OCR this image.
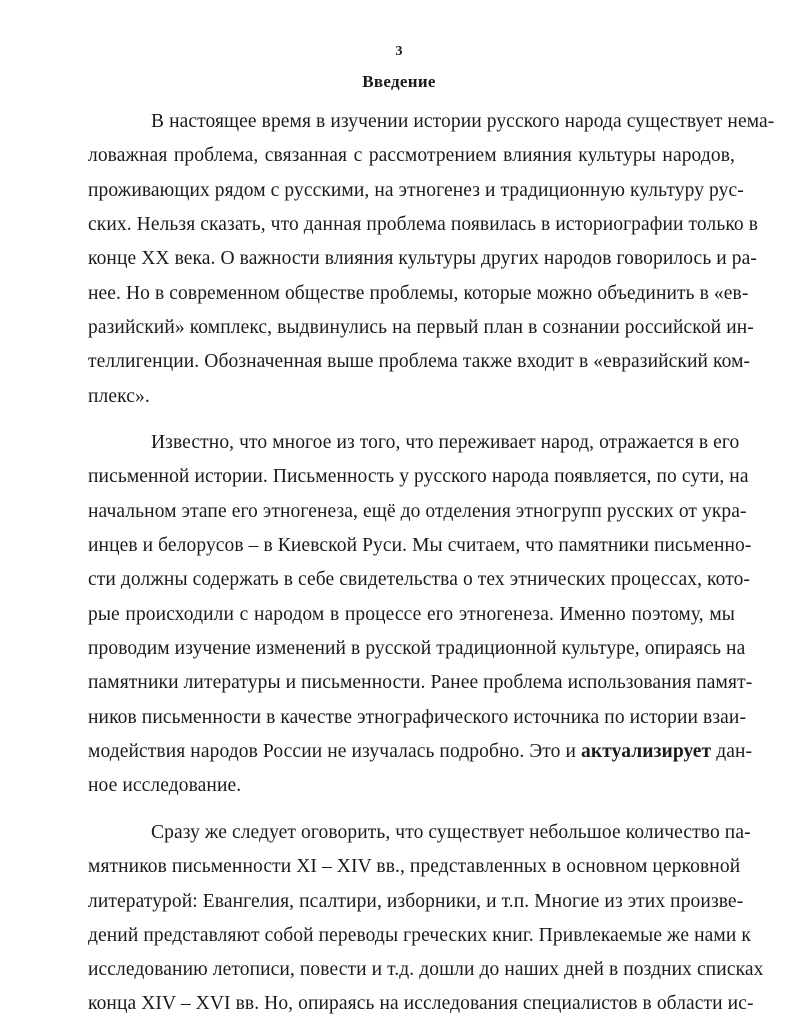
3
Введение
В настоящее время в изучении истории русского народа существует нема-
ловажная проблема, связанная с рассмотрением влияния культуры народов,
проживающих рядом с русскими, на этногенез и традиционную культуру рус-
ских. Нельзя сказать, что данная проблема появилась в историографии только в
конце XX века. О важности влияния культуры других народов говорилось и ра-
нее. Но в современном обществе проблемы, которые можно объединить в «ев-
разийский» комплекс, выдвинулись на первый план в сознании российской ин-
теллигенции. Обозначенная выше проблема также входит в «евразийский ком-
плекс».
Известно, что многое из того, что переживает народ, отражается в его
письменной истории. Письменность у русского народа появляется, по сути, на
начальном этапе его этногенеза, ещё до отделения этногрупп русских от укра-
инцев и белорусов – в Киевской Руси. Мы считаем, что памятники письменно-
сти должны содержать в себе свидетельства о тех этнических процессах, кото-
рые происходили с народом в процессе его этногенеза. Именно поэтому, мы
проводим изучение изменений в русской традиционной культуре, опираясь на
памятники литературы и письменности. Ранее проблема использования памят-
ников письменности в качестве этнографического источника по истории взаи-
модействия народов России не изучалась подробно. Это и актуализирует дан-
ное исследование.
Сразу же следует оговорить, что существует небольшое количество па-
мятников письменности XI – XIV вв., представленных в основном церковной
литературой: Евангелия, псалтири, изборники, и т.п. Многие из этих произве-
дений представляют собой переводы греческих книг. Привлекаемые же нами к
исследованию летописи, повести и т.д. дошли до наших дней в поздних списках
конца XIV – XVI вв. Но, опираясь на исследования специалистов в области ис-
